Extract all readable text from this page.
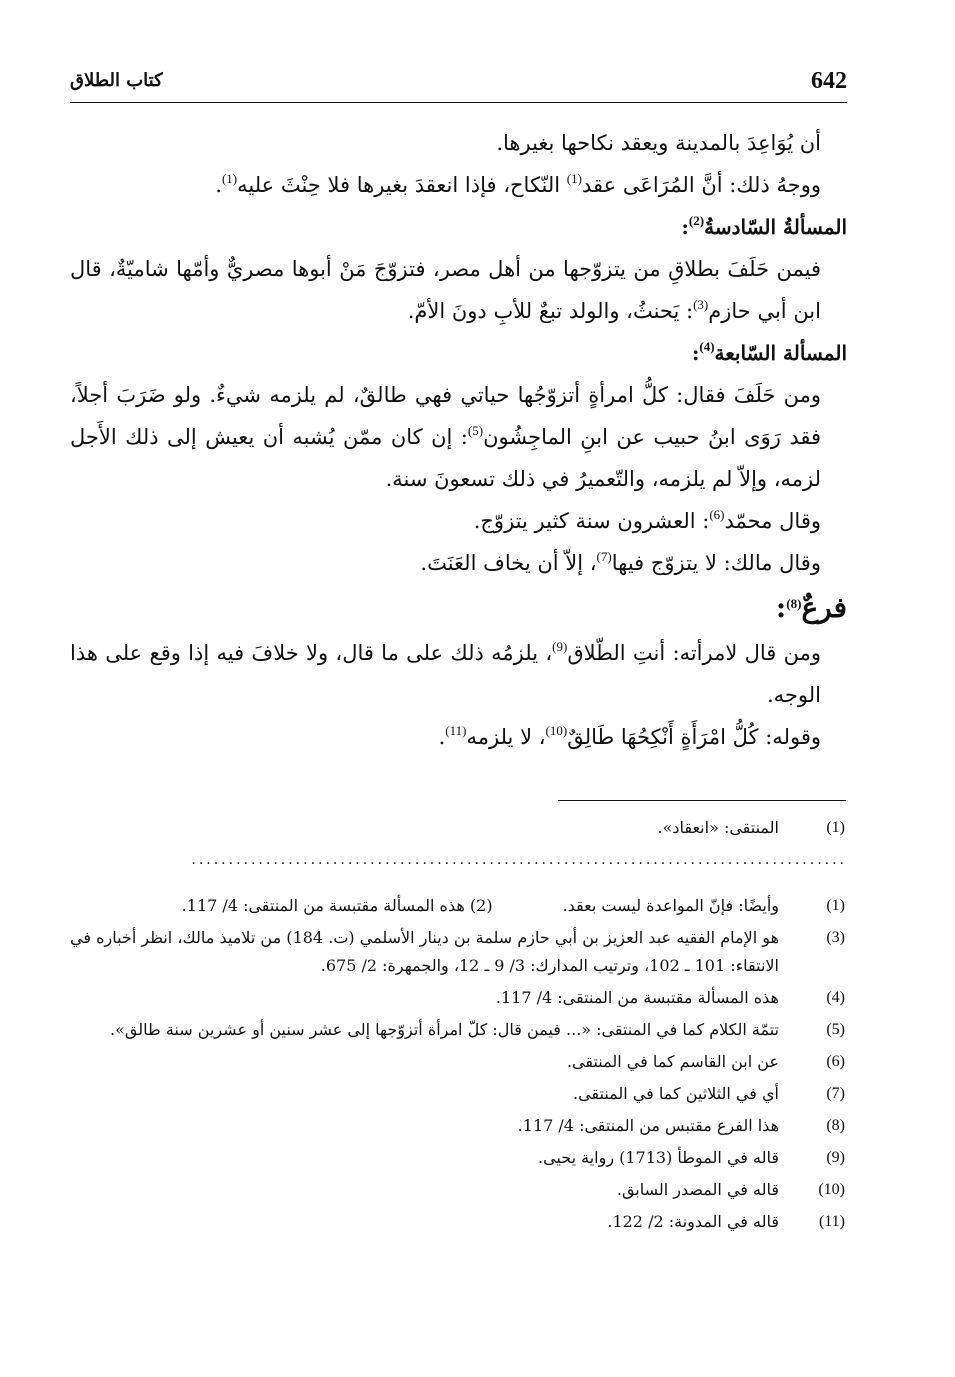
642
كتاب الطلاق

أن يُوَاعِدَ بالمدينة ويعقد نكاحها بغيرها.

ووجهُ ذلك: أنَّ المُرَاعَى عقد$^{(1)}$ النّكاح، فإذا انعقدَ بغيرها فلا حِنْثَ عليه$^{(1)}$.

المسألةُ السّادسةُ$^{(2)}$:

فيمن حَلَفَ بطلاقِ من يتزوّجها من أهل مصر، فتزوّجَ مَنْ أبوها مصريٌّ وأمّها شاميّةٌ، قال ابن أبي حازم$^{(3)}$: يَحنثُ، والولد تبعٌ للأبِ دونَ الأمّ.

المسألة السّابعة$^{(4)}$:

ومن حَلَفَ فقال: كلُّ امرأةٍ أتزوّجُها حياتي فهي طالقٌ، لم يلزمه شيءٌ. ولو ضَرَبَ أجلاً، فقد رَوَى ابنُ حبيب عن ابنِ الماجِشُون$^{(5)}$: إن كان ممّن يُشبه أن يعيش إلى ذلك الأَجل لزمه، وإلاّ لم يلزمه، والتّعميرُ في ذلك تسعونَ سنة.

وقال محمّد$^{(6)}$: العشرون سنة كثير يتزوّج.

وقال مالك: لا يتزوّج فيها$^{(7)}$، إلاّ أن يخاف العَنَتَ.

فرعٌ$^{(8)}$:

ومن قال لامرأته: أنتِ الطّلاق$^{(9)}$، يلزمُه ذلك على ما قال، ولا خلافَ فيه إذا وقع على هذا الوجه.

وقوله: كُلُّ امْرَأَةٍ أَنْكِحُهَا طَالِقٌ$^{(10)}$، لا يلزمه$^{(11)}$.

(1)
المنتقى: «انعقاد».
........................................................................................
(1)
وأيضًا: فإنّ المواعدة ليست بعقد.(2) هذه المسألة مقتبسة من المنتقى: 4/ 117.
(3)
هو الإمام الفقيه عبد العزيز بن أبي حازم سلمة بن دينار الأسلمي (ت. 184) من تلاميذ مالك، انظر أخباره في الانتقاء: 101 ـ 102، وترتيب المدارك: 3/ 9 ـ 12، والجمهرة: 2/ 675.
(4)
هذه المسألة مقتبسة من المنتقى: 4/ 117.
(5)
تتمّة الكلام كما في المنتقى: «... فيمن قال: كلّ امرأة أتزوّجها إلى عشر سنين أو عشرين سنة طالق».
(6)
عن ابن القاسم كما في المنتقى.
(7)
أي في الثلاثين كما في المنتقى.
(8)
هذا الفرع مقتبس من المنتقى: 4/ 117.
(9)
قاله في الموطأ (1713) رواية يحيى.
(10)
قاله في المصدر السابق.
(11)
قاله في المدونة: 2/ 122.
